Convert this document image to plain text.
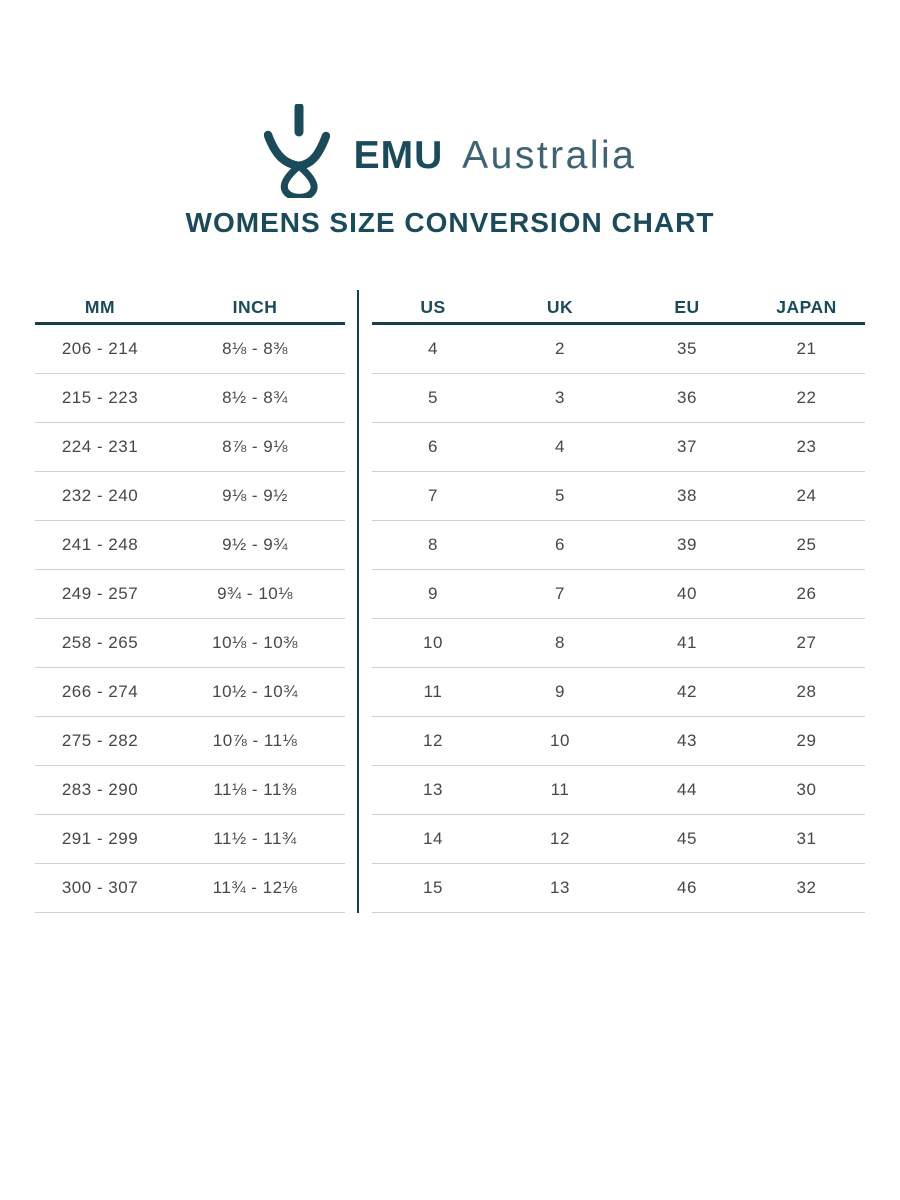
EMU Australia
WOMENS SIZE CONVERSION CHART
MM	INCH
206 - 214	8⅛ - 8⅜
215 - 223	8½ - 8¾
224 - 231	8⅞ - 9⅛
232 - 240	9⅛ - 9½
241 - 248	9½ - 9¾
249 - 257	9¾ - 10⅛
258 - 265	10⅛ - 10⅜
266 - 274	10½ - 10¾
275 - 282	10⅞ - 11⅛
283 - 290	11⅛ - 11⅜
291 - 299	11½ - 11¾
300 - 307	11¾ - 12⅛
US	UK	EU	JAPAN
4	2	35	21
5	3	36	22
6	4	37	23
7	5	38	24
8	6	39	25
9	7	40	26
10	8	41	27
11	9	42	28
12	10	43	29
13	11	44	30
14	12	45	31
15	13	46	32
